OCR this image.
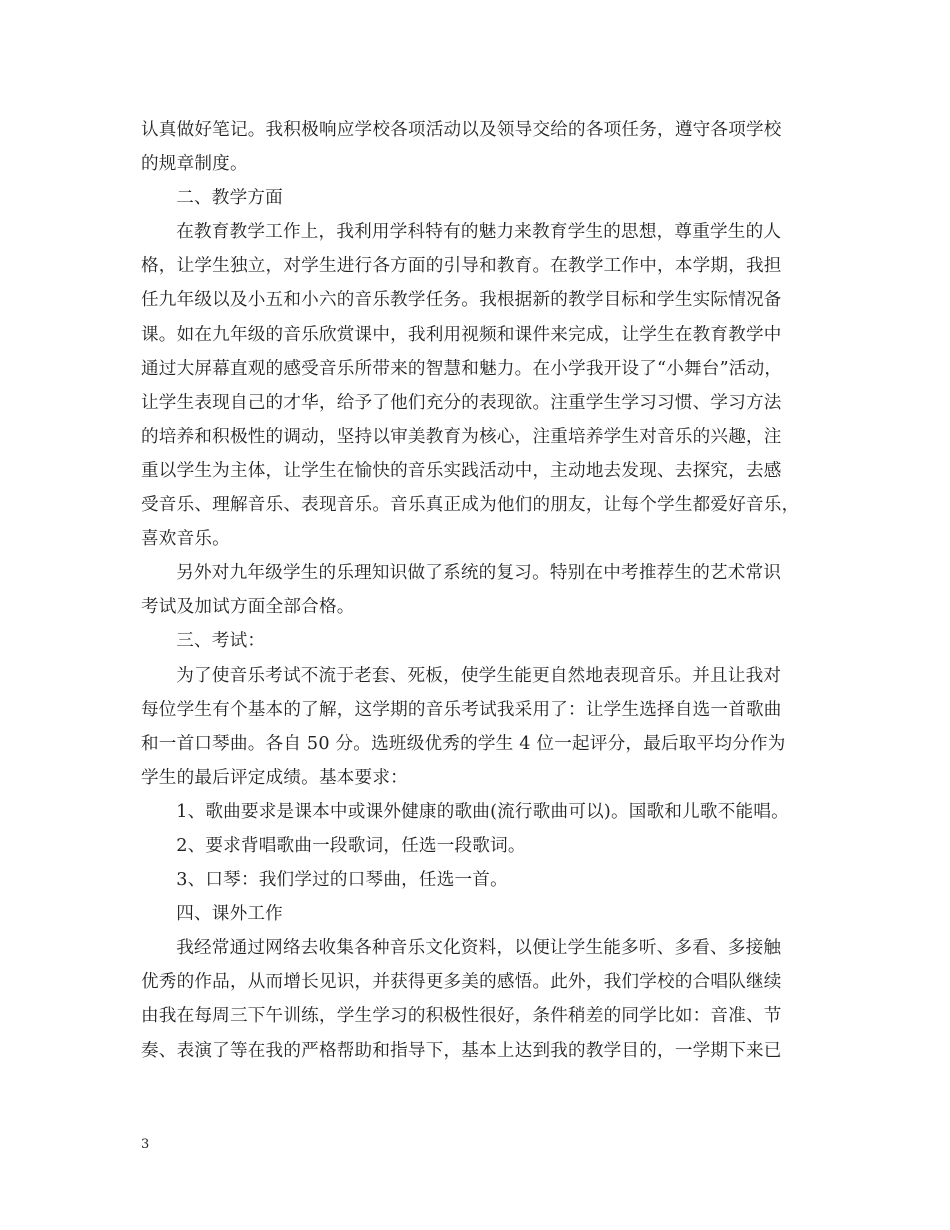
认真做好笔记。我积极响应学校各项活动以及领导交给的各项任务，遵守各项学校
的规章制度。
二、教学方面
在教育教学工作上，我利用学科特有的魅力来教育学生的思想，尊重学生的人
格，让学生独立，对学生进行各方面的引导和教育。在教学工作中，本学期，我担
任九年级以及小五和小六的音乐教学任务。我根据新的教学目标和学生实际情况备
课。如在九年级的音乐欣赏课中，我利用视频和课件来完成，让学生在教育教学中
通过大屏幕直观的感受音乐所带来的智慧和魅力。在小学我开设了“小舞台”活动，
让学生表现自己的才华，给予了他们充分的表现欲。注重学生学习习惯、学习方法
的培养和积极性的调动，坚持以审美教育为核心，注重培养学生对音乐的兴趣，注
重以学生为主体，让学生在愉快的音乐实践活动中，主动地去发现、去探究，去感
受音乐、理解音乐、表现音乐。音乐真正成为他们的朋友，让每个学生都爱好音乐，
喜欢音乐。
另外对九年级学生的乐理知识做了系统的复习。特别在中考推荐生的艺术常识
考试及加试方面全部合格。
三、考试：
为了使音乐考试不流于老套、死板，使学生能更自然地表现音乐。并且让我对
每位学生有个基本的了解，这学期的音乐考试我采用了：让学生选择自选一首歌曲
和一首口琴曲。各自 50 分。选班级优秀的学生 4 位一起评分，最后取平均分作为
学生的最后评定成绩。基本要求：
1、歌曲要求是课本中或课外健康的歌曲(流行歌曲可以)。国歌和儿歌不能唱。
2、要求背唱歌曲一段歌词，任选一段歌词。
3、口琴：我们学过的口琴曲，任选一首。
四、课外工作
我经常通过网络去收集各种音乐文化资料，以便让学生能多听、多看、多接触
优秀的作品，从而增长见识，并获得更多美的感悟。此外，我们学校的合唱队继续
由我在每周三下午训练，学生学习的积极性很好，条件稍差的同学比如：音准、节
奏、表演了等在我的严格帮助和指导下，基本上达到我的教学目的，一学期下来已
3
